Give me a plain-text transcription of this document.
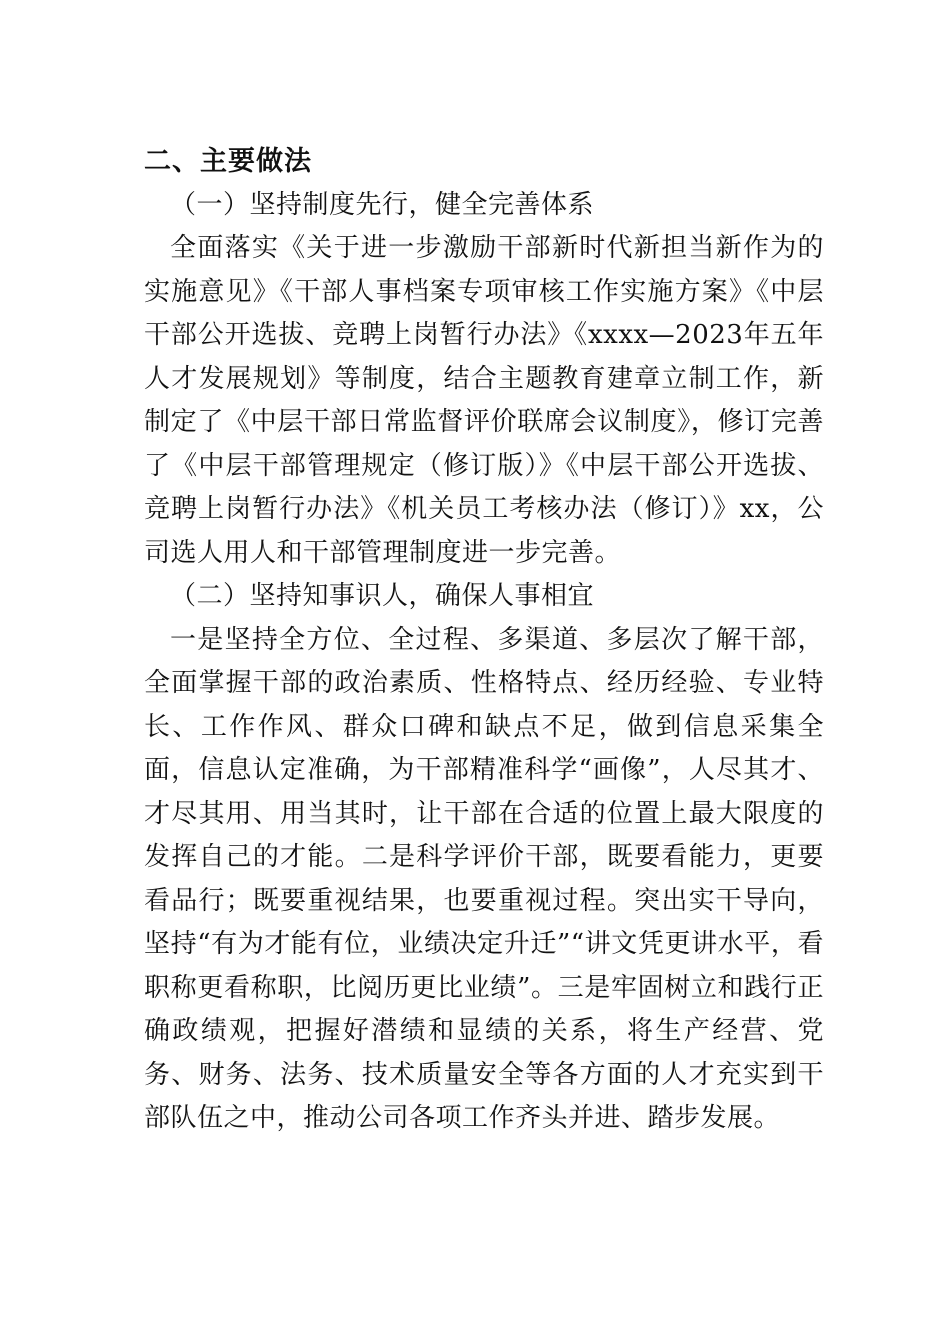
二、主要做法
（一）坚持制度先行，健全完善体系

全面落实《关于进一步激励干部新时代新担当新作为的实施意见》《干部人事档案专项审核工作实施方案》《中层干部公开选拔、竞聘上岗暂行办法》《xxxx—2023年五年人才发展规划》等制度，结合主题教育建章立制工作，新制定了《中层干部日常监督评价联席会议制度》，修订完善了《中层干部管理规定（修订版）》《中层干部公开选拔、竞聘上岗暂行办法》《机关员工考核办法（修订）》xx，公司选人用人和干部管理制度进一步完善。

（二）坚持知事识人，确保人事相宜

一是坚持全方位、全过程、多渠道、多层次了解干部，全面掌握干部的政治素质、性格特点、经历经验、专业特长、工作作风、群众口碑和缺点不足，做到信息采集全面，信息认定准确，为干部精准科学“画像”，人尽其才、才尽其用、用当其时，让干部在合适的位置上最大限度的发挥自己的才能。二是科学评价干部，既要看能力，更要看品行；既要重视结果，也要重视过程。突出实干导向，坚持“有为才能有位，业绩决定升迁”“讲文凭更讲水平，看职称更看称职，比阅历更比业绩”。三是牢固树立和践行正确政绩观，把握好潜绩和显绩的关系，将生产经营、党务、财务、法务、技术质量安全等各方面的人才充实到干部队伍之中，推动公司各项工作齐头并进、踏步发展。
